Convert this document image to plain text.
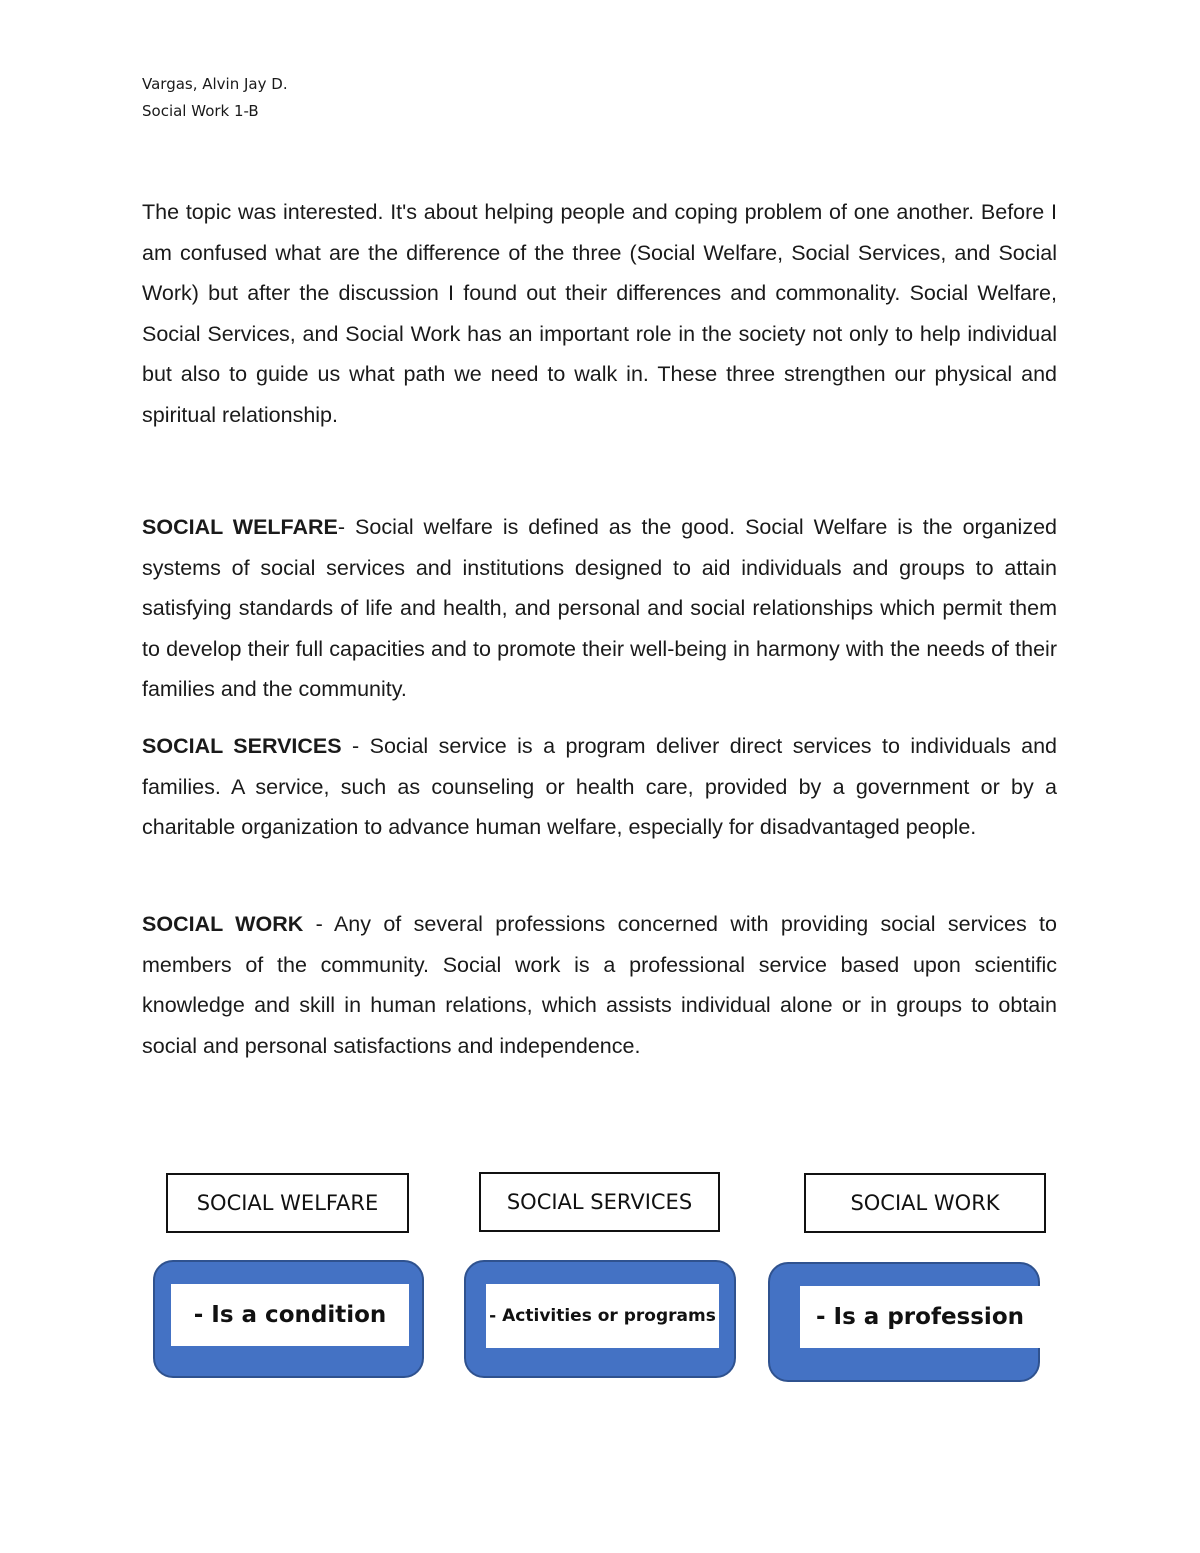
Vargas, Alvin Jay D.
Social Work 1-B

The topic was interested. It's about helping people and coping problem of one another. Before I am confused what are the difference of the three (Social Welfare, Social Services, and Social Work) but after the discussion I found out their differences and commonality. Social Welfare, Social Services, and Social Work has an important role in the society not only to help individual but also to guide us what path we need to walk in. These three strengthen our physical and spiritual relationship.

SOCIAL WELFARE- Social welfare is defined as the good. Social Welfare is the organized systems of social services and institutions designed to aid individuals and groups to attain satisfying standards of life and health, and personal and social relationships which permit them to develop their full capacities and to promote their well-being in harmony with the needs of their families and the community.

SOCIAL SERVICES - Social service is a program deliver direct services to individuals and families. A service, such as counseling or health care, provided by a government or by a charitable organization to advance human welfare, especially for disadvantaged people.

SOCIAL WORK - Any of several professions concerned with providing social services to members of the community. Social work is a professional service based upon scientific knowledge and skill in human relations, which assists individual alone or in groups to obtain social and personal satisfactions and independence.

SOCIAL WELFARE	SOCIAL SERVICES	SOCIAL WORK
- Is a condition	- Activities or programs	- Is a profession
